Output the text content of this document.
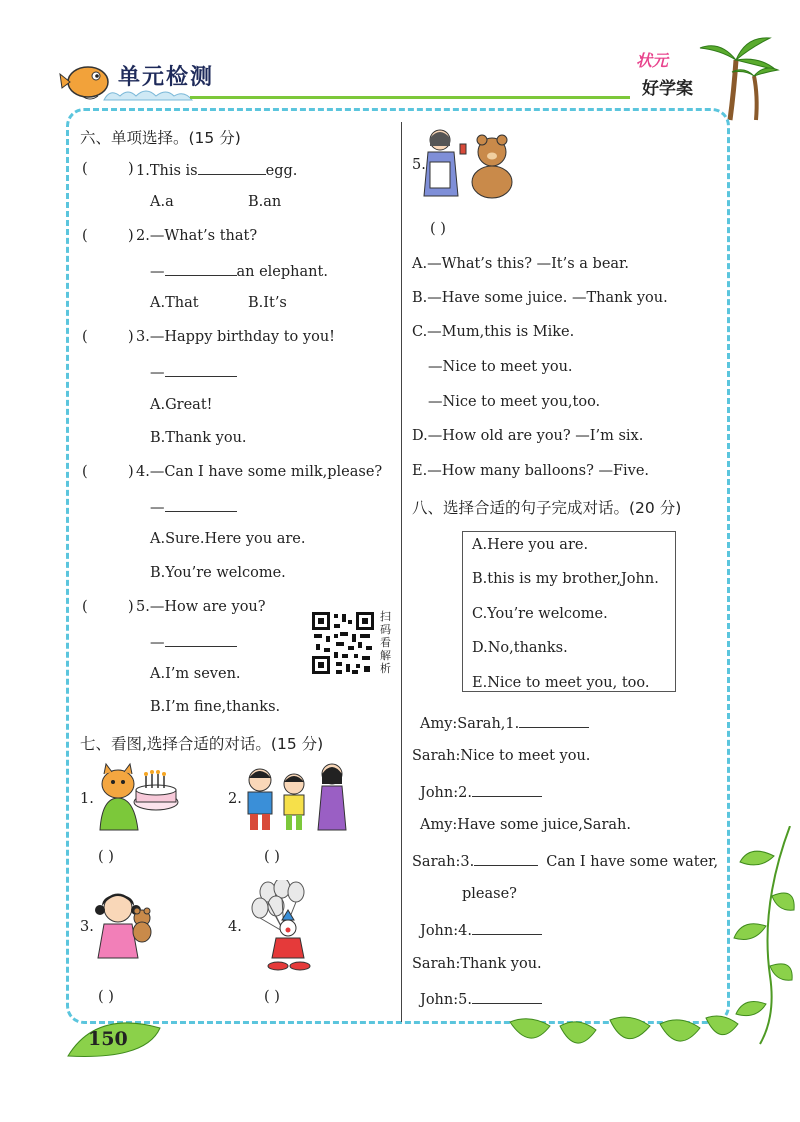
单元检测
状元
好学案
六、单项选择。(15 分)
(	) 1.This is	egg.
A.a	B.an
(	) 2.—What’s that?
—	an elephant.
A.That	B.It’s
(	) 3.—Happy birthday to you!
—
A.Great!
B.Thank you.
(	) 4.—Can I have some milk,please?
—
A.Sure.Here you are.
B.You’re welcome.
(	) 5.—How are you?
—
A.I’m seven.
B.I’m fine,thanks.
扫码看解析
七、看图,选择合适的对话。(15 分)
1.
( )
2.
( )
3.
( )
4.
( )
5.
( )
A.—What’s this? —It’s a bear.
B.—Have some juice. —Thank you.
C.—Mum,this is Mike.
—Nice to meet you.
—Nice to meet you,too.
D.—How old are you? —I’m six.
E.—How many balloons? —Five.
八、选择合适的句子完成对话。(20 分)
A.Here you are.
B.this is my brother,John.
C.You’re welcome.
D.No,thanks.
E.Nice to meet you, too.
Amy:Sarah,1.
Sarah:Nice to meet you.
John:2.
Amy:Have some juice,Sarah.
Sarah:3.	Can I have some water,
please?
John:4.
Sarah:Thank you.
John:5.
150
